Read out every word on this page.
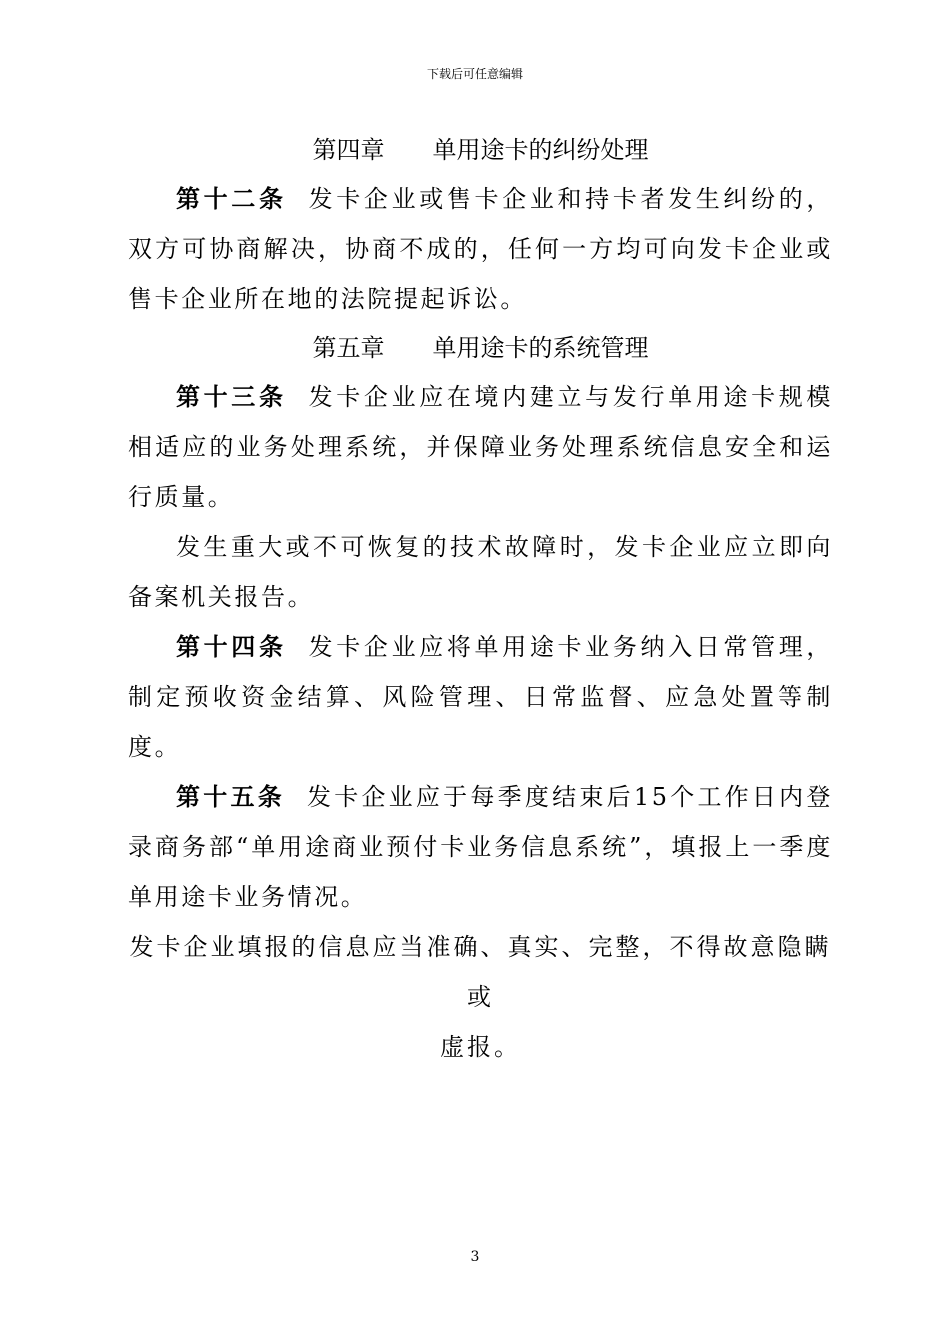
下载后可任意编辑

第四章 单用途卡的纠纷处理

第十二条 发卡企业或售卡企业和持卡者发生纠纷的，双方可协商解决，协商不成的，任何一方均可向发卡企业或售卡企业所在地的法院提起诉讼。

第五章 单用途卡的系统管理

第十三条 发卡企业应在境内建立与发行单用途卡规模相适应的业务处理系统，并保障业务处理系统信息安全和运行质量。

发生重大或不可恢复的技术故障时，发卡企业应立即向备案机关报告。

第十四条 发卡企业应将单用途卡业务纳入日常管理，制定预收资金结算、风险管理、日常监督、应急处置等制度。

第十五条 发卡企业应于每季度结束后15个工作日内登录商务部“单用途商业预付卡业务信息系统”，填报上一季度单用途卡业务情况。

发卡企业填报的信息应当准确、真实、完整，不得故意隐瞒或

虚报。

3
